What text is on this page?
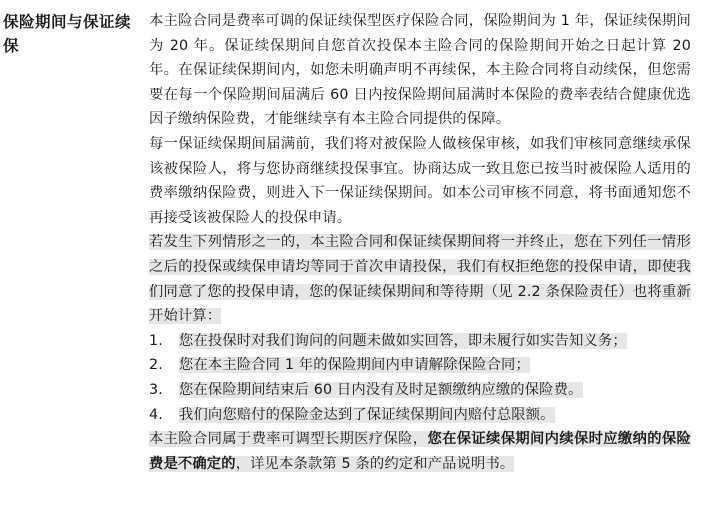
保险期间与保证续保

本主险合同是费率可调的保证续保型医疗保险合同，保险期间为 1 年，保证续保期间为 20 年。保证续保期间自您首次投保本主险合同的保险期间开始之日起计算 20 年。在保证续保期间内，如您未明确声明不再续保，本主险合同将自动续保，但您需要在每一个保险期间届满后 60 日内按保险期间届满时本保险的费率表结合健康优选因子缴纳保险费，才能继续享有本主险合同提供的保障。

每一保证续保期间届满前，我们将对被保险人做核保审核，如我们审核同意继续承保该被保险人，将与您协商继续投保事宜。协商达成一致且您已按当时被保险人适用的费率缴纳保险费，则进入下一保证续保期间。如本公司审核不同意，将书面通知您不再接受该被保险人的投保申请。

若发生下列情形之一的，本主险合同和保证续保期间将一并终止，您在下列任一情形之后的投保或续保申请均等同于首次申请投保，我们有权拒绝您的投保申请，即使我们同意了您的投保申请，您的保证续保期间和等待期（见 2.2 条保险责任）也将重新开始计算：

1.	您在投保时对我们询问的问题未做如实回答，即未履行如实告知义务；
2.	您在本主险合同 1 年的保险期间内申请解除保险合同；
3.	您在保险期间结束后 60 日内没有及时足额缴纳应缴的保险费。
4.	我们向您赔付的保险金达到了保证续保期间内赔付总限额。

本主险合同属于费率可调型长期医疗保险，您在保证续保期间内续保时应缴纳的保险费是不确定的，详见本条款第 5 条的约定和产品说明书。
